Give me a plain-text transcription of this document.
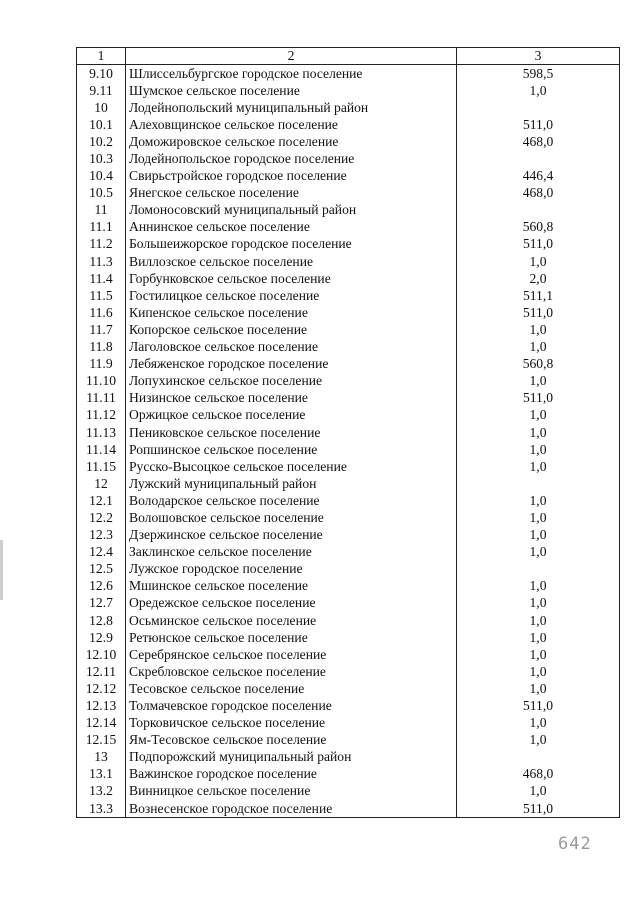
1	2	3
9.10	Шлиссельбургское городское поселение	598,5
9.11	Шумское сельское поселение	1,0
10	Лодейнопольский муниципальный район	
10.1	Алеховщинское сельское поселение	511,0
10.2	Доможировское сельское поселение	468,0
10.3	Лодейнопольское городское поселение	
10.4	Свирьстройское городское поселение	446,4
10.5	Янегское сельское поселение	468,0
11	Ломоносовский муниципальный район	
11.1	Аннинское сельское поселение	560,8
11.2	Большеижорское городское поселение	511,0
11.3	Виллозское сельское поселение	1,0
11.4	Горбунковское сельское поселение	2,0
11.5	Гостилицкое сельское поселение	511,1
11.6	Кипенское сельское поселение	511,0
11.7	Копорское сельское поселение	1,0
11.8	Лаголовское сельское поселение	1,0
11.9	Лебяженское городское поселение	560,8
11.10	Лопухинское сельское поселение	1,0
11.11	Низинское сельское поселение	511,0
11.12	Оржицкое сельское поселение	1,0
11.13	Пениковское сельское поселение	1,0
11.14	Ропшинское сельское поселение	1,0
11.15	Русско-Высоцкое сельское поселение	1,0
12	Лужский муниципальный район	
12.1	Володарское сельское поселение	1,0
12.2	Волошовское сельское поселение	1,0
12.3	Дзержинское сельское поселение	1,0
12.4	Заклинское сельское поселение	1,0
12.5	Лужское городское поселение	
12.6	Мшинское сельское поселение	1,0
12.7	Оредежское сельское поселение	1,0
12.8	Осьминское сельское поселение	1,0
12.9	Ретюнское сельское поселение	1,0
12.10	Серебрянское сельское поселение	1,0
12.11	Скребловское сельское поселение	1,0
12.12	Тесовское сельское поселение	1,0
12.13	Толмачевское городское поселение	511,0
12.14	Торковичское сельское поселение	1,0
12.15	Ям-Тесовское сельское поселение	1,0
13	Подпорожский муниципальный район	
13.1	Важинское городское поселение	468,0
13.2	Винницкое сельское поселение	1,0
13.3	Вознесенское городское поселение	511,0
642
